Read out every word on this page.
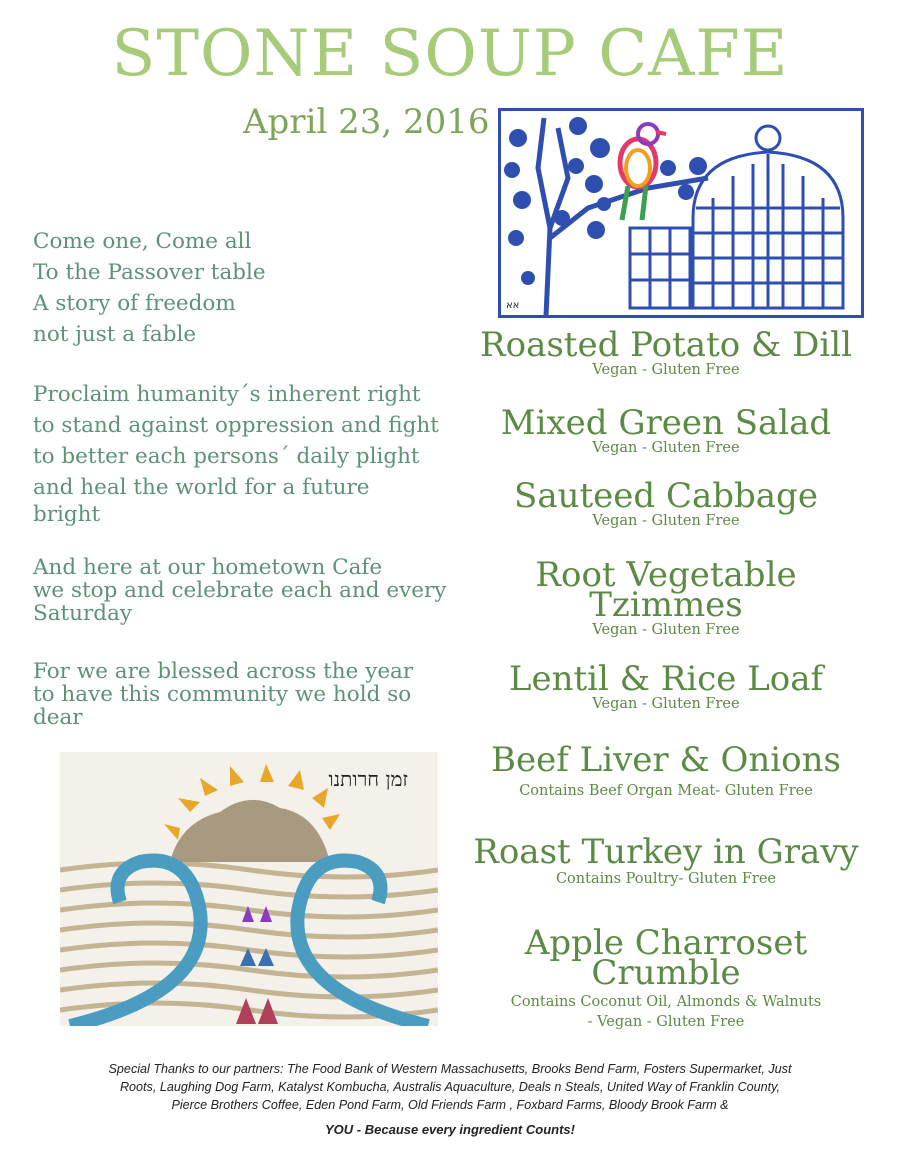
STONE SOUP CAFE
April 23, 2016
אא
Come one, Come all
To the Passover table
A story of freedom
not just a fable
Proclaim humanity´s inherent right
to stand against oppression and fight
to better each persons´ daily plight
and heal the world for a future
bright
And here at our hometown Cafe
we stop and celebrate each and every
Saturday
For we are blessed across the year
to have this community we hold so
dear
זמן חרותנו
Roasted Potato & Dill
Vegan - Gluten Free
Mixed Green Salad
Vegan - Gluten Free
Sauteed Cabbage
Vegan - Gluten Free
Root Vegetable
Tzimmes
Vegan - Gluten Free
Lentil & Rice Loaf
Vegan - Gluten Free
Beef Liver & Onions
Contains Beef Organ Meat- Gluten Free
Roast Turkey in Gravy
Contains Poultry- Gluten Free
Apple Charroset
Crumble
Contains Coconut Oil, Almonds & Walnuts
- Vegan - Gluten Free
Special Thanks to our partners: The Food Bank of Western Massachusetts, Brooks Bend Farm, Fosters Supermarket, Just
Roots, Laughing Dog Farm, Katalyst Kombucha, Australis Aquaculture, Deals n Steals, United Way of Franklin County,
Pierce Brothers Coffee, Eden Pond Farm, Old Friends Farm , Foxbard Farms, Bloody Brook Farm &
YOU - Because every ingredient Counts!
